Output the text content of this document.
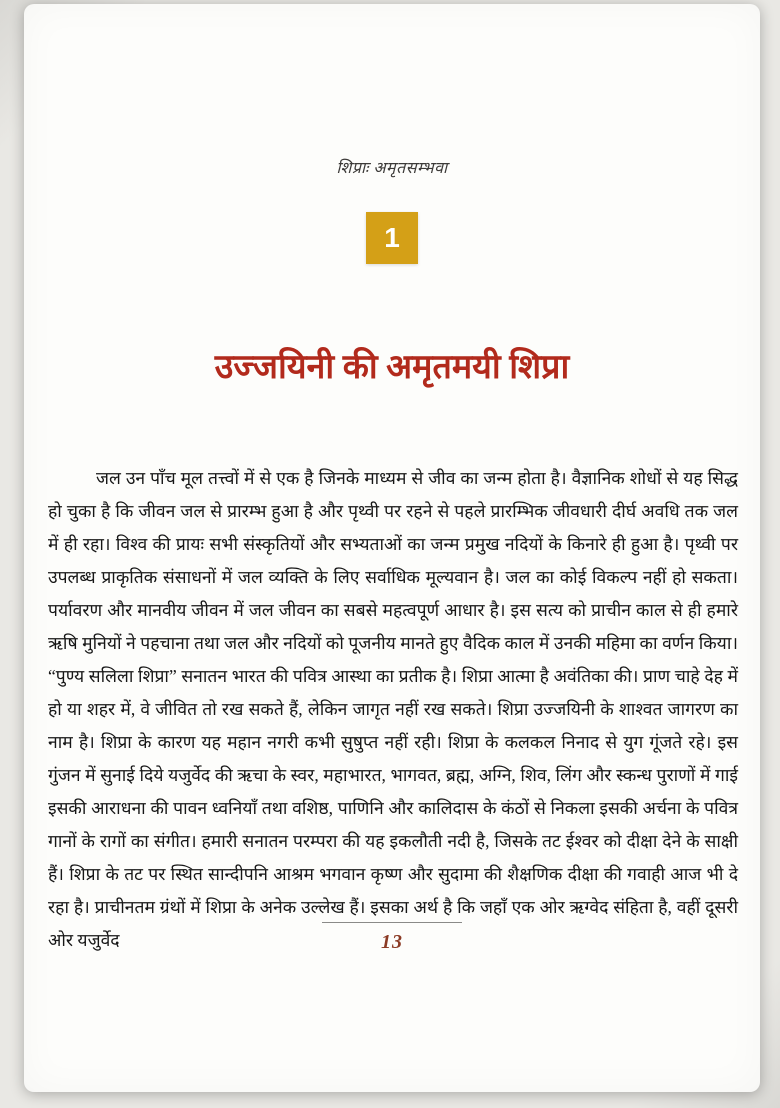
शिप्राः अमृतसम्भवा
1
उज्जयिनी की अमृतमयी शिप्रा

जल उन पाँच मूल तत्त्वों में से एक है जिनके माध्यम से जीव का जन्म होता है। वैज्ञानिक शोधों से यह सिद्ध हो चुका है कि जीवन जल से प्रारम्भ हुआ है और पृथ्वी पर रहने से पहले प्रारम्भिक जीवधारी दीर्घ अवधि तक जल में ही रहा। विश्व की प्रायः सभी संस्कृतियों और सभ्यताओं का जन्म प्रमुख नदियों के किनारे ही हुआ है। पृथ्वी पर उपलब्ध प्राकृतिक संसाधनों में जल व्यक्ति के लिए सर्वाधिक मूल्यवान है। जल का कोई विकल्प नहीं हो सकता। पर्यावरण और मानवीय जीवन में जल जीवन का सबसे महत्वपूर्ण आधार है। इस सत्य को प्राचीन काल से ही हमारे ऋषि मुनियों ने पहचाना तथा जल और नदियों को पूजनीय मानते हुए वैदिक काल में उनकी महिमा का वर्णन किया। “पुण्य सलिला शिप्रा” सनातन भारत की पवित्र आस्था का प्रतीक है। शिप्रा आत्मा है अवंतिका की। प्राण चाहे देह में हो या शहर में, वे जीवित तो रख सकते हैं, लेकिन जागृत नहीं रख सकते। शिप्रा उज्जयिनी के शाश्वत जागरण का नाम है। शिप्रा के कारण यह महान नगरी कभी सुषुप्त नहीं रही। शिप्रा के कलकल निनाद से युग गूंजते रहे। इस गुंजन में सुनाई दिये यजुर्वेद की ऋचा के स्वर, महाभारत, भागवत, ब्रह्म, अग्नि, शिव, लिंग और स्कन्ध पुराणों में गाई इसकी आराधना की पावन ध्वनियाँ तथा वशिष्ठ, पाणिनि और कालिदास के कंठों से निकला इसकी अर्चना के पवित्र गानों के रागों का संगीत। हमारी सनातन परम्परा की यह इकलौती नदी है, जिसके तट ईश्वर को दीक्षा देने के साक्षी हैं। शिप्रा के तट पर स्थित सान्दीपनि आश्रम भगवान कृष्ण और सुदामा की शैक्षणिक दीक्षा की गवाही आज भी दे रहा है। प्राचीनतम ग्रंथों में शिप्रा के अनेक उल्लेख हैं। इसका अर्थ है कि जहाँ एक ओर ऋग्वेद संहिता है, वहीं दूसरी ओर यजुर्वेद	13
